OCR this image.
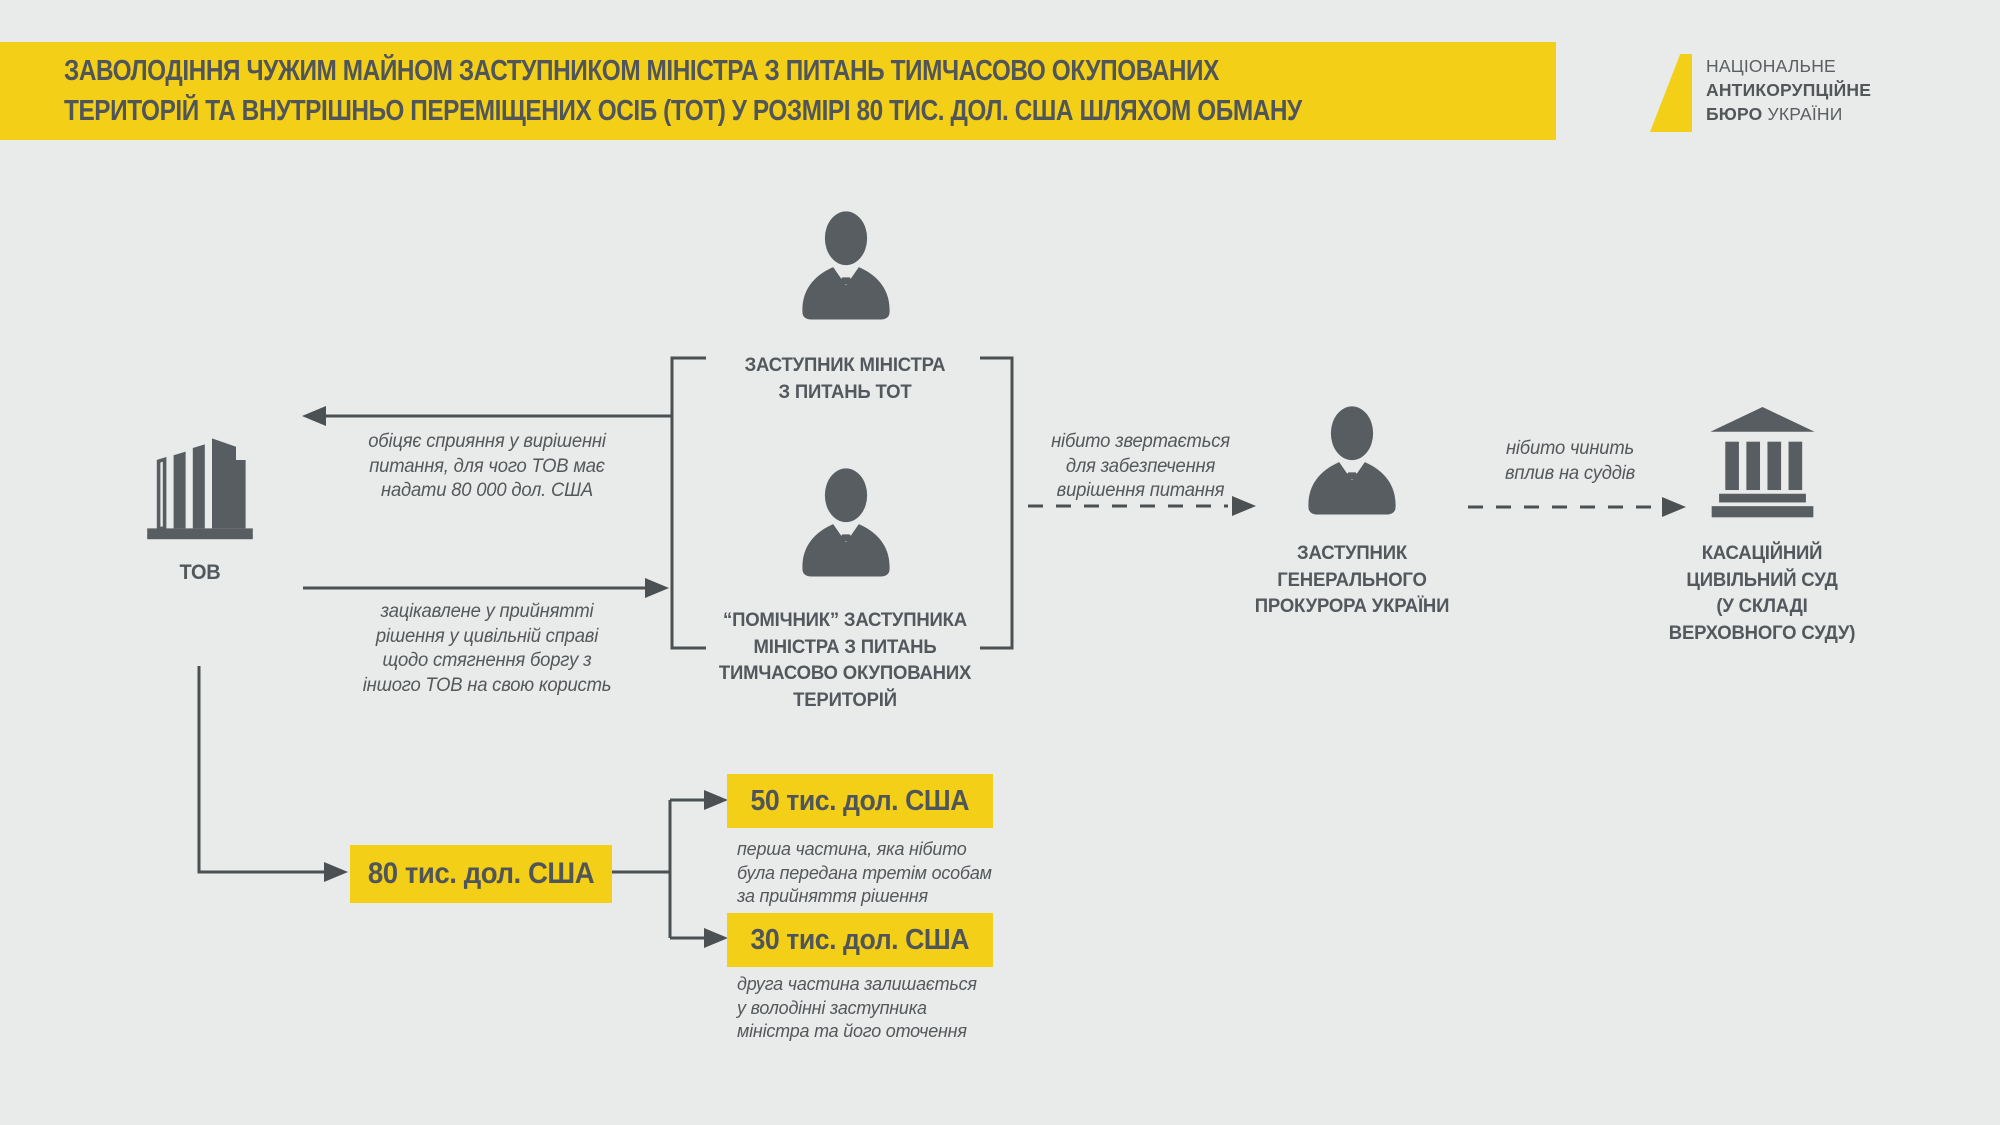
ЗАВОЛОДІННЯ ЧУЖИМ МАЙНОМ ЗАСТУПНИКОМ МІНІСТРА З ПИТАНЬ ТИМЧАСОВО ОКУПОВАНИХ
ТЕРИТОРІЙ ТА ВНУТРІШНЬО ПЕРЕМІЩЕНИХ ОСІБ (ТОТ) У РОЗМІРІ 80 ТИС. ДОЛ. США ШЛЯХОМ ОБМАНУ
НАЦІОНАЛЬНЕ
АНТИКОРУПЦІЙНЕ
БЮРО УКРАЇНИ
ТОВ
ЗАСТУПНИК МІНІСТРА
З ПИТАНЬ ТОТ
“ПОМІЧНИК” ЗАСТУПНИКА
МІНІСТРА З ПИТАНЬ
ТИМЧАСОВО ОКУПОВАНИХ
ТЕРИТОРІЙ
ЗАСТУПНИК
ГЕНЕРАЛЬНОГО
ПРОКУРОРА УКРАЇНИ
КАСАЦІЙНИЙ
ЦИВІЛЬНИЙ СУД
(У СКЛАДІ
ВЕРХОВНОГО СУДУ)
обіцяє сприяння у вирішенні
питання, для чого ТОВ має
надати 80 000 дол. США
зацікавлене у прийнятті
рішення у цивільній справі
щодо стягнення боргу з
іншого ТОВ на свою користь
нібито звертається
для забезпечення
вирішення питання
нібито чинить
вплив на суддів
80 тис. дол. США
50 тис. дол. США
перша частина, яка нібито
була передана третім особам
за прийняття рішення
30 тис. дол. США
друга частина залишається
у володінні заступника
міністра та його оточення
